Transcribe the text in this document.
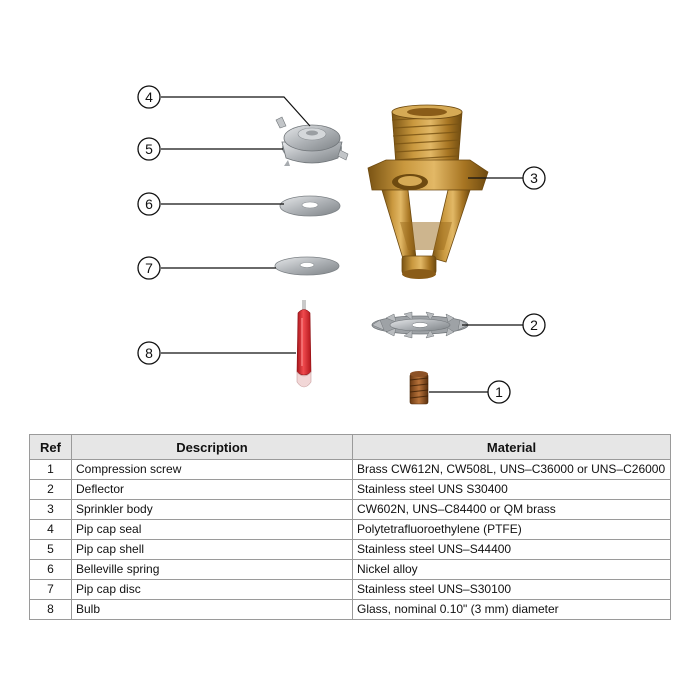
4
5
6
7
8
3
2
1
Ref	Description	Material
1	Compression screw	Brass CW612N, CW508L, UNS–C36000 or UNS–C26000
2	Deflector	Stainless steel UNS S30400
3	Sprinkler body	CW602N, UNS–C84400 or QM brass
4	Pip cap seal	Polytetrafluoroethylene (PTFE)
5	Pip cap shell	Stainless steel UNS–S44400
6	Belleville spring	Nickel alloy
7	Pip cap disc	Stainless steel UNS–S30100
8	Bulb	Glass, nominal 0.10" (3 mm) diameter
